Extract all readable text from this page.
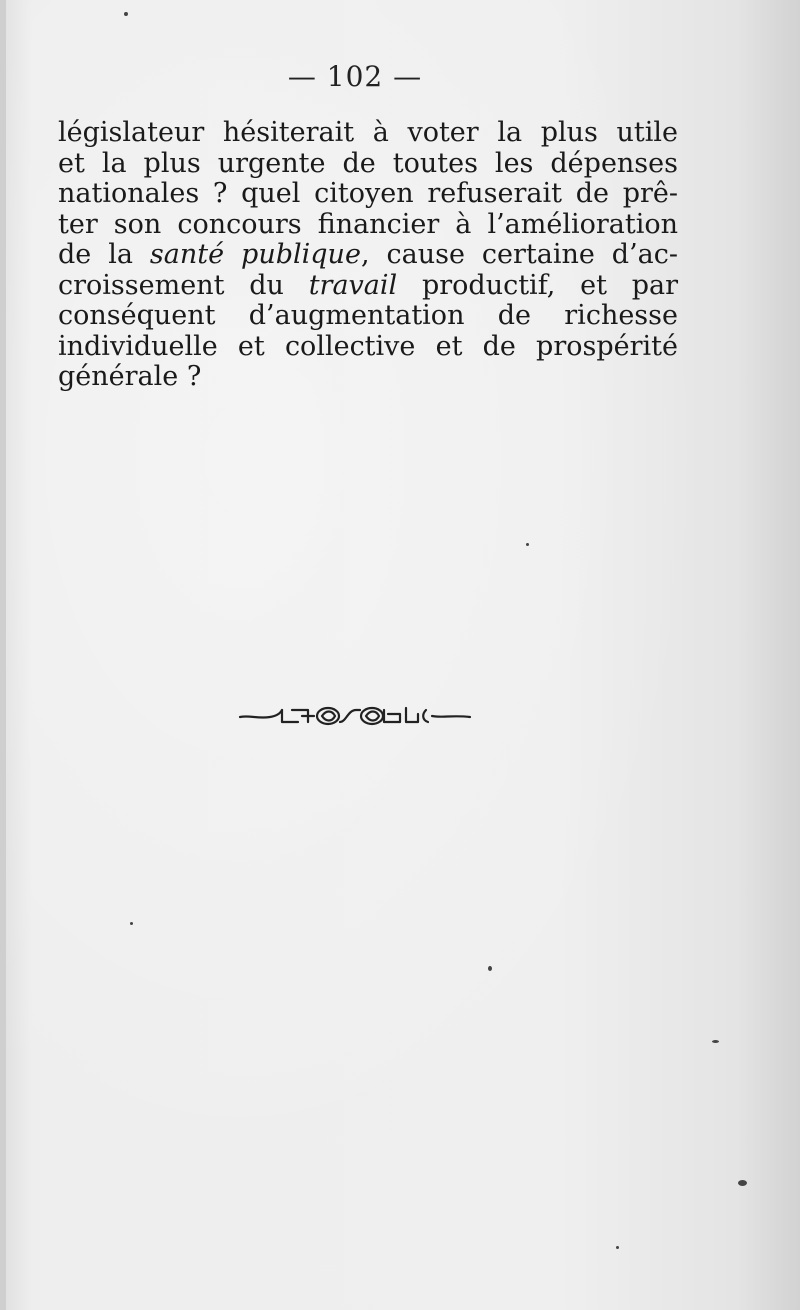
— 102 —
législateur hésiterait à voter la plus utile
et la plus urgente de toutes les dépenses
nationales ? quel citoyen refuserait de prê-
ter son concours financier à l’amélioration
de la santé publique, cause certaine d’ac-
croissement du travail productif, et par
conséquent d’augmentation de richesse
individuelle et collective et de prospérité
générale ?
